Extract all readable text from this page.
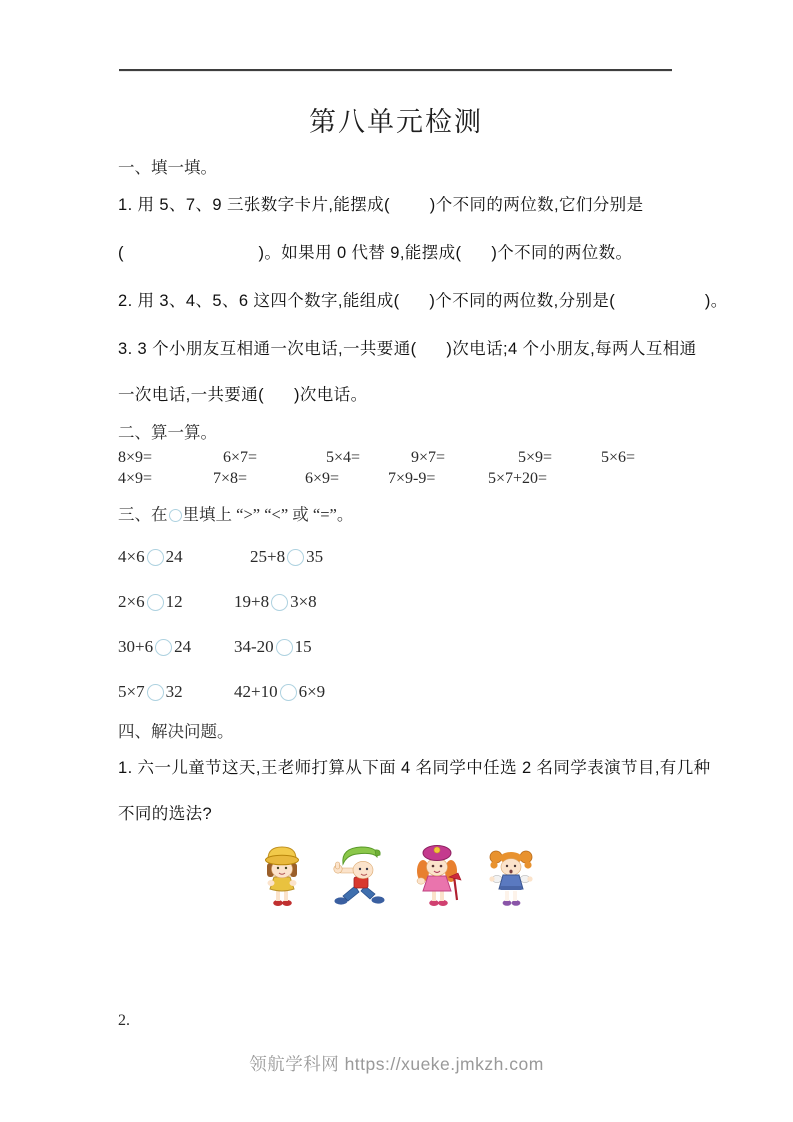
第八单元检测
一、填一填。
1. 用 5、7、9 三张数字卡片,能摆成(        )个不同的两位数,它们分别是
(                           )。如果用 0 代替 9,能摆成(      )个不同的两位数。
2. 用 3、4、5、6 这四个数字,能组成(      )个不同的两位数,分别是(                  )。
3. 3 个小朋友互相通一次电话,一共要通(      )次电话;4 个小朋友,每两人互相通
一次电话,一共要通(      )次电话。
二、算一算。
8×9=	6×7=	5×4=	9×7=	5×9=	5×6=
4×9=	7×8=	6×9=	7×9-9=	5×7+20=
三、在 里填上 “>” “<” 或 “=”。
4×6 24	25+8 35
2×6 12	19+8 3×8
30+6 24	34-20 15
5×7 32	42+10 6×9
四、解决问题。
1. 六一儿童节这天,王老师打算从下面 4 名同学中任选 2 名同学表演节目,有几种
不同的选法?
2.
领航学科网 https://xueke.jmkzh.com
